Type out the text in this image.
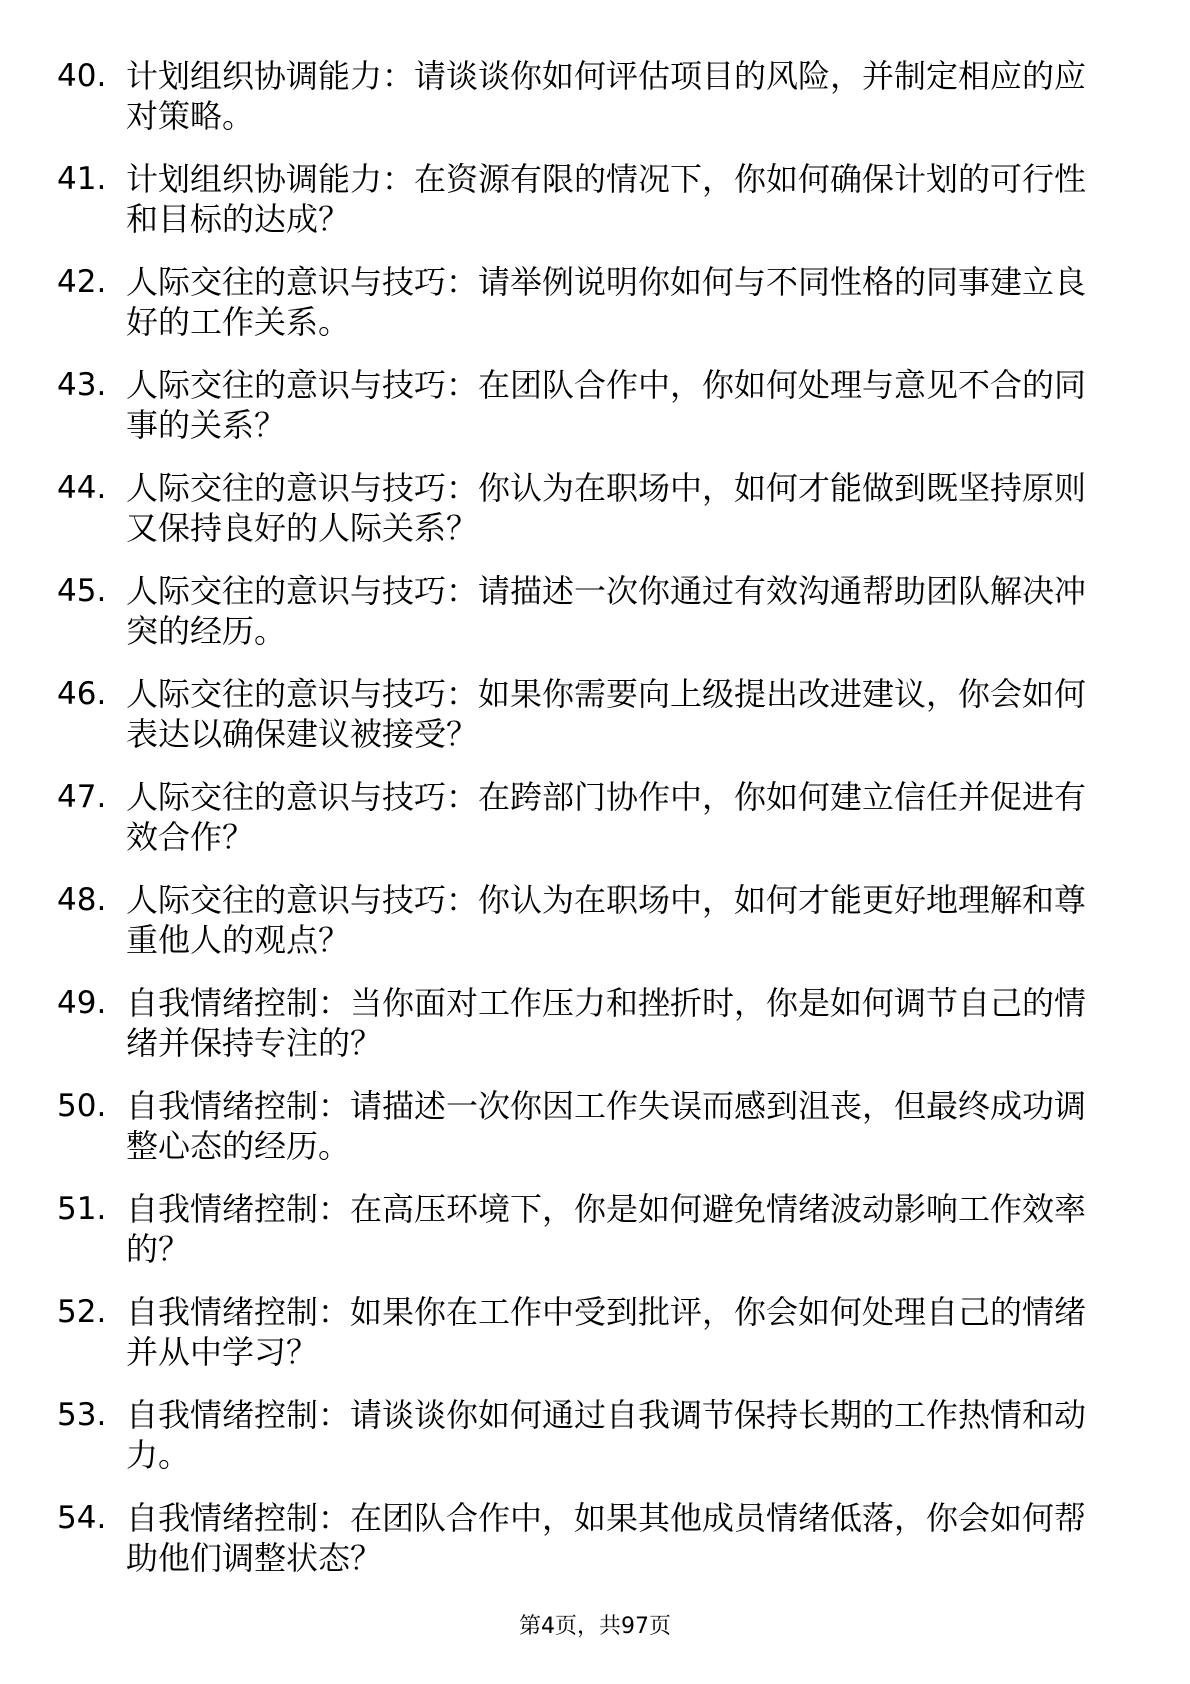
40. 计划组织协调能力：请谈谈你如何评估项目的风险，并制定相应的应对策略。
41. 计划组织协调能力：在资源有限的情况下，你如何确保计划的可行性和目标的达成？
42. 人际交往的意识与技巧：请举例说明你如何与不同性格的同事建立良好的工作关系。
43. 人际交往的意识与技巧：在团队合作中，你如何处理与意见不合的同事的关系？
44. 人际交往的意识与技巧：你认为在职场中，如何才能做到既坚持原则又保持良好的人际关系？
45. 人际交往的意识与技巧：请描述一次你通过有效沟通帮助团队解决冲突的经历。
46. 人际交往的意识与技巧：如果你需要向上级提出改进建议，你会如何表达以确保建议被接受？
47. 人际交往的意识与技巧：在跨部门协作中，你如何建立信任并促进有效合作？
48. 人际交往的意识与技巧：你认为在职场中，如何才能更好地理解和尊重他人的观点？
49. 自我情绪控制：当你面对工作压力和挫折时，你是如何调节自己的情绪并保持专注的？
50. 自我情绪控制：请描述一次你因工作失误而感到沮丧，但最终成功调整心态的经历。
51. 自我情绪控制：在高压环境下，你是如何避免情绪波动影响工作效率的？
52. 自我情绪控制：如果你在工作中受到批评，你会如何处理自己的情绪并从中学习？
53. 自我情绪控制：请谈谈你如何通过自我调节保持长期的工作热情和动力。
54. 自我情绪控制：在团队合作中，如果其他成员情绪低落，你会如何帮助他们调整状态？
第4页，共97页
